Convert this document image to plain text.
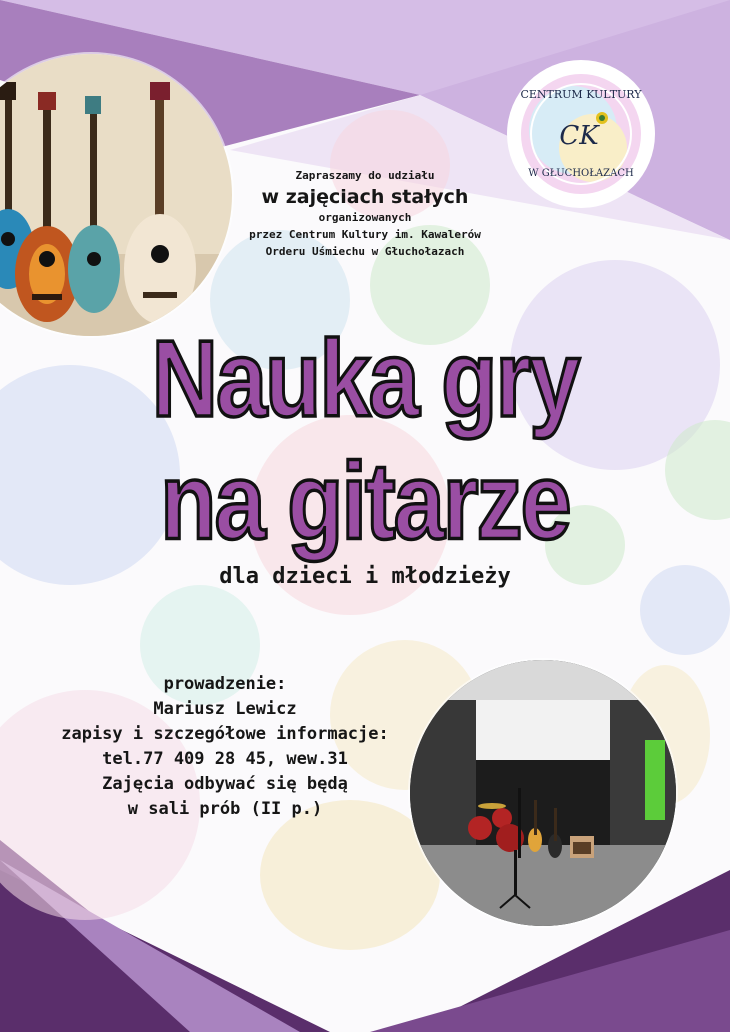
CENTRUM KULTURY
W GŁUCHOŁAZACH
CK
Zapraszamy do udziału
w zajęciach stałych
organizowanych
przez Centrum Kultury im. Kawalerów
Orderu Uśmiechu w Głuchołazach
Nauka gry
na gitarze
dla dzieci i młodzieży
prowadzenie:
Mariusz Lewicz
zapisy i szczegółowe informacje:
tel.77 409 28 45, wew.31
Zajęcia odbywać się będą
w sali prób (II p.)
